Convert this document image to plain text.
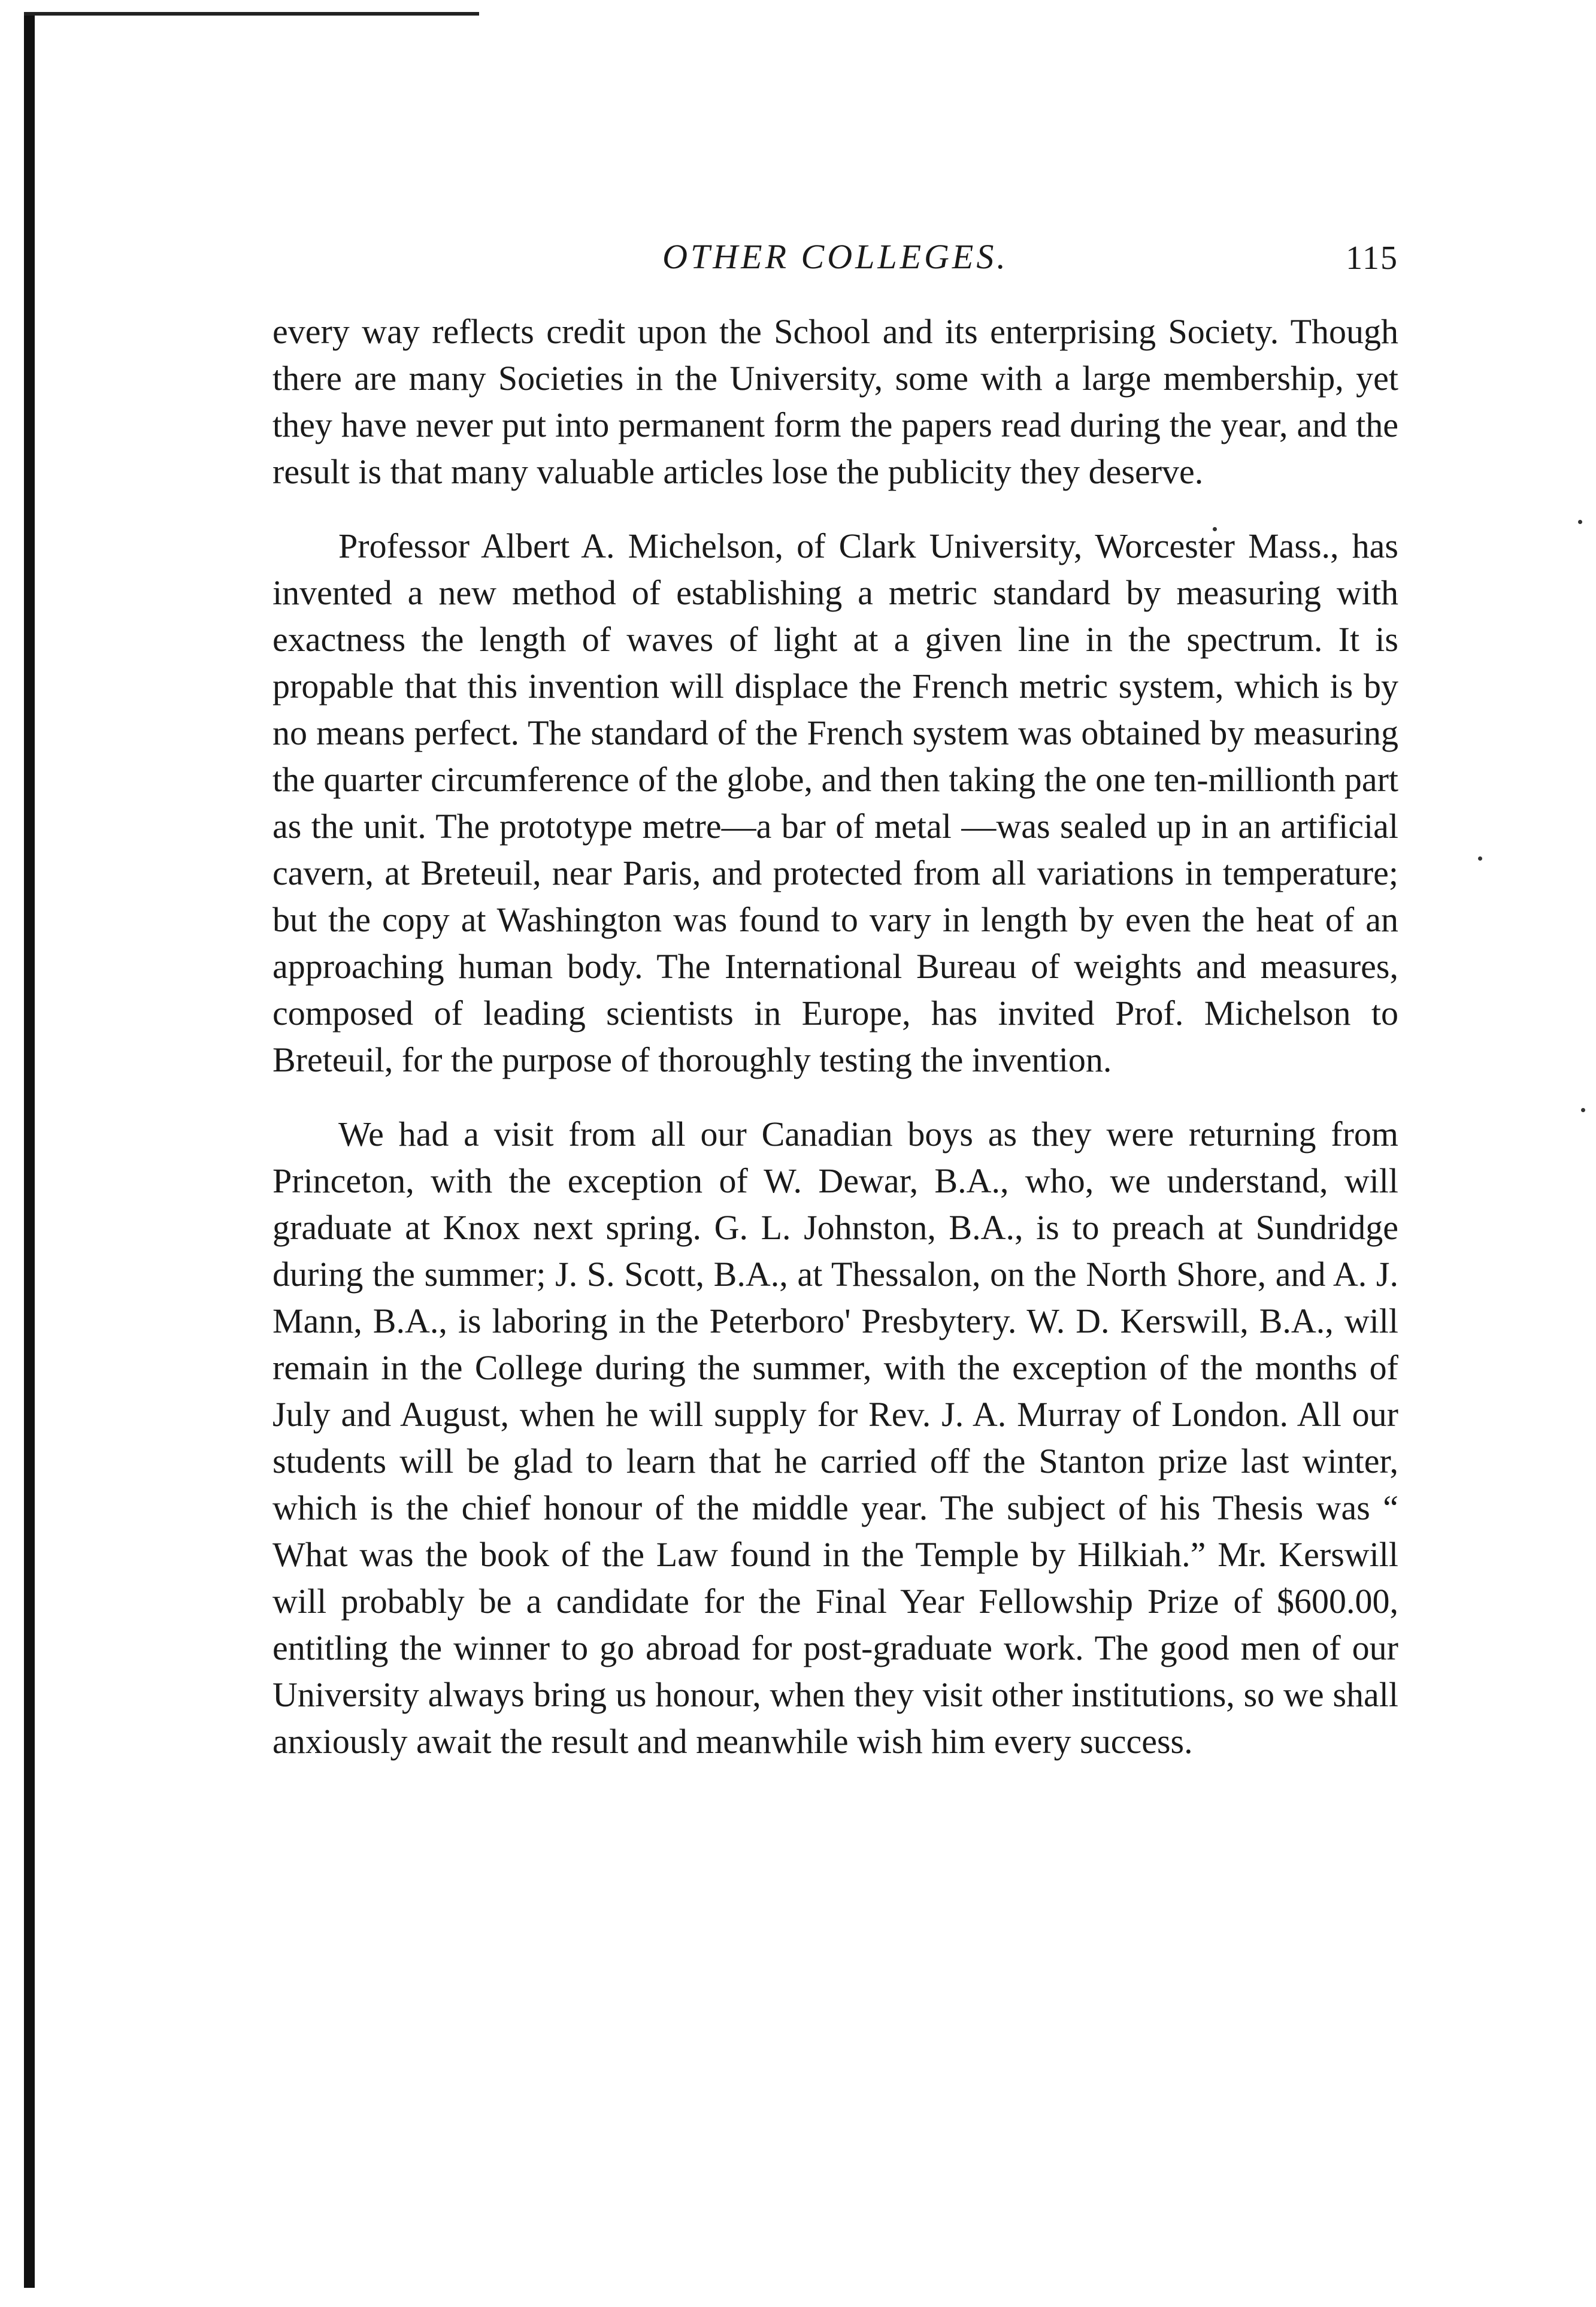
OTHER COLLEGES.	115

every way reflects credit upon the School and its enterprising Society. Though there are many Societies in the University, some with a large membership, yet they have never put into permanent form the papers read during the year, and the result is that many valuable articles lose the publicity they deserve.

Professor Albert A. Michelson, of Clark University, Worcester Mass., has invented a new method of establishing a metric standard by measuring with exactness the length of waves of light at a given line in the spectrum. It is propable that this invention will displace the French metric system, which is by no means perfect. The standard of the French system was obtained by measuring the quarter circumference of the globe, and then taking the one ten-millionth part as the unit. The prototype metre—a bar of metal —was sealed up in an artificial cavern, at Breteuil, near Paris, and protected from all variations in temperature; but the copy at Washington was found to vary in length by even the heat of an approaching human body. The International Bureau of weights and measures, composed of leading scientists in Europe, has invited Prof. Michelson to Breteuil, for the purpose of thoroughly testing the invention.

We had a visit from all our Canadian boys as they were returning from Princeton, with the exception of W. Dewar, B.A., who, we understand, will graduate at Knox next spring. G. L. Johnston, B.A., is to preach at Sundridge during the summer; J. S. Scott, B.A., at Thessalon, on the North Shore, and A. J. Mann, B.A., is laboring in the Peterboro' Presbytery. W. D. Kerswill, B.A., will remain in the College during the summer, with the exception of the months of July and August, when he will supply for Rev. J. A. Murray of London. All our students will be glad to learn that he carried off the Stanton prize last winter, which is the chief honour of the middle year. The subject of his Thesis was “ What was the book of the Law found in the Temple by Hilkiah.” Mr. Kerswill will probably be a candidate for the Final Year Fellowship Prize of $600.00, entitling the winner to go abroad for post-graduate work. The good men of our University always bring us honour, when they visit other institutions, so we shall anxiously await the result and meanwhile wish him every success.
